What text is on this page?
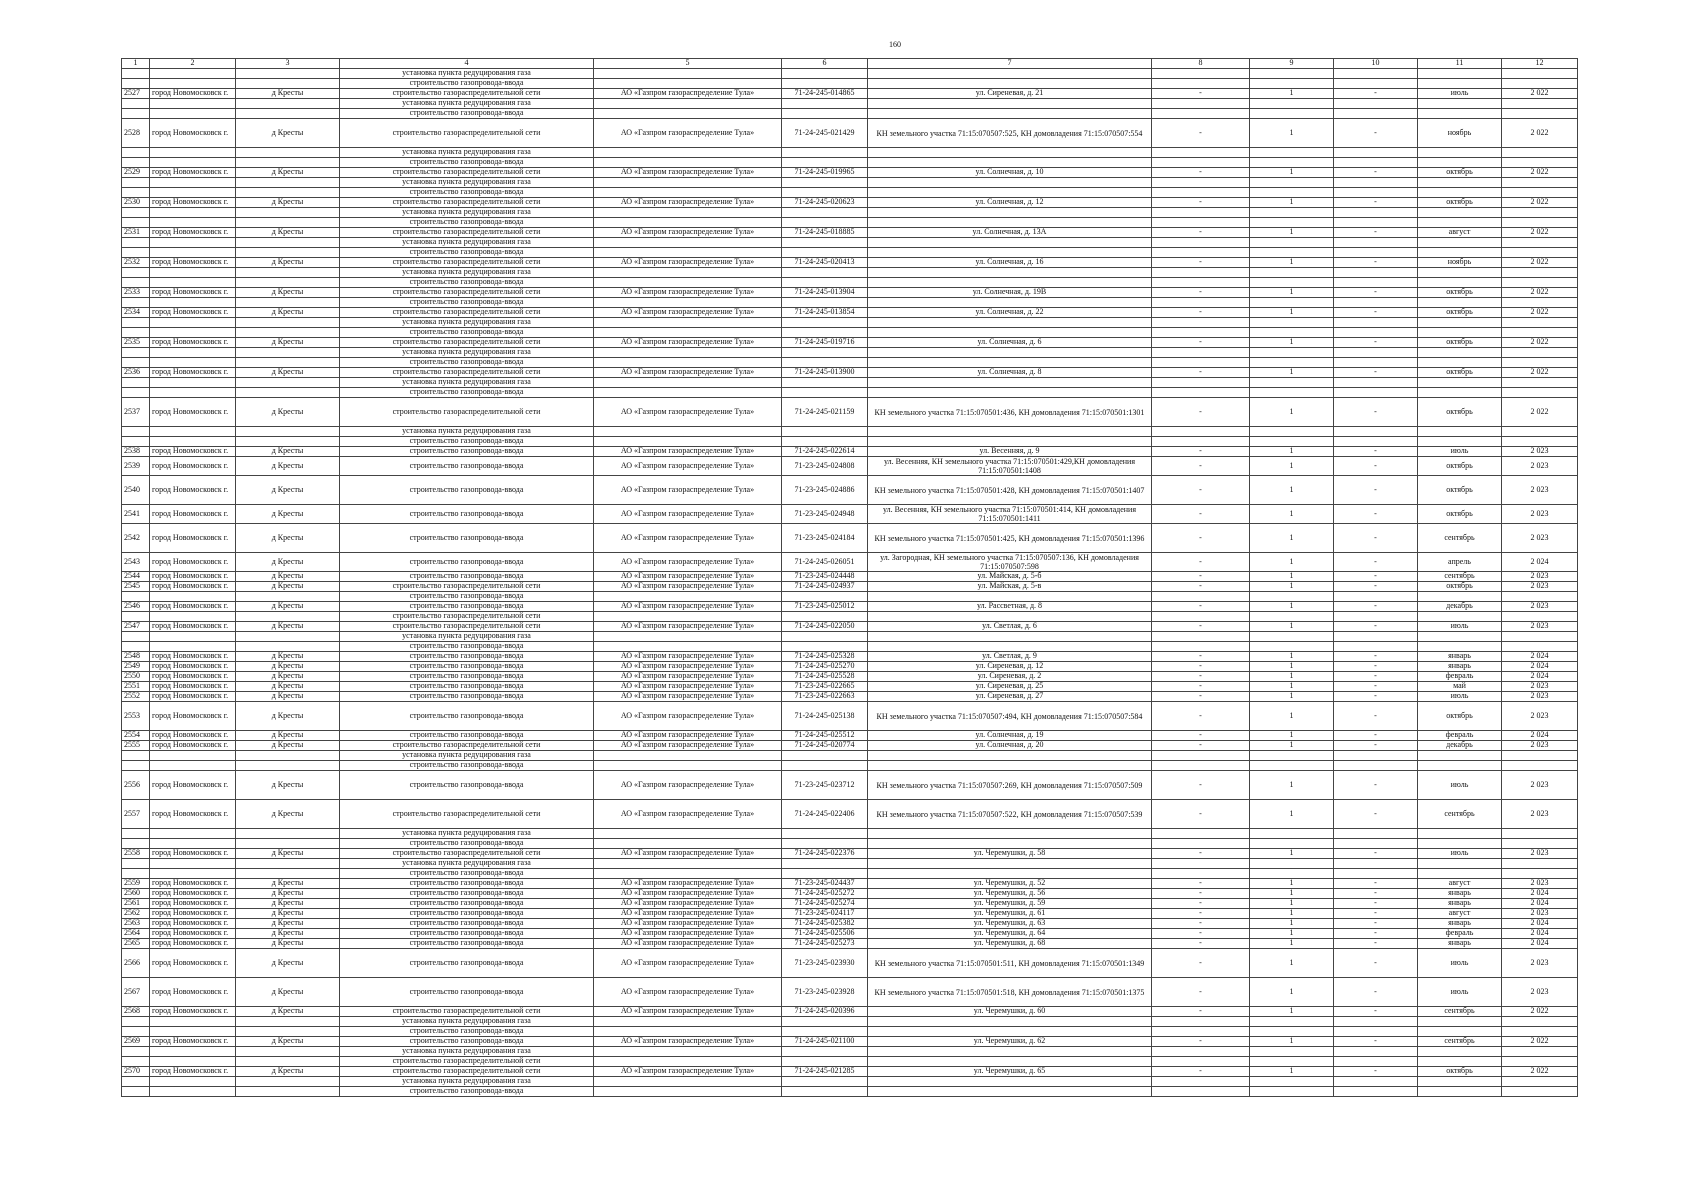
160
1	2	3	4	5	6	7	8	9	10	11	12
			установка пункта редуцирования газа								
			строительство газопровода-ввода								
2527	город Новомосковск г.	д Кресты	строительство газораспределительной сети	АО «Газпром газораспределение Тула»	71-24-245-014865	ул. Сиреневая, д. 21	-	1	-	июль	2 022
			установка пункта редуцирования газа								
			строительство газопровода-ввода								
2528	город Новомосковск г.	д Кресты	строительство газораспределительной сети	АО «Газпром газораспределение Тула»	71-24-245-021429	КН земельного участка 71:15:070507:525, КН домовладения 71:15:070507:554	-	1	-	ноябрь	2 022
			установка пункта редуцирования газа								
			строительство газопровода-ввода								
2529	город Новомосковск г.	д Кресты	строительство газораспределительной сети	АО «Газпром газораспределение Тула»	71-24-245-019965	ул. Солнечная, д. 10	-	1	-	октябрь	2 022
			установка пункта редуцирования газа								
			строительство газопровода-ввода								
2530	город Новомосковск г.	д Кресты	строительство газораспределительной сети	АО «Газпром газораспределение Тула»	71-24-245-020623	ул. Солнечная, д. 12	-	1	-	октябрь	2 022
			установка пункта редуцирования газа								
			строительство газопровода-ввода								
2531	город Новомосковск г.	д Кресты	строительство газораспределительной сети	АО «Газпром газораспределение Тула»	71-24-245-018885	ул. Солнечная, д. 13А	-	1	-	август	2 022
			установка пункта редуцирования газа								
			строительство газопровода-ввода								
2532	город Новомосковск г.	д Кресты	строительство газораспределительной сети	АО «Газпром газораспределение Тула»	71-24-245-020413	ул. Солнечная, д. 16	-	1	-	ноябрь	2 022
			установка пункта редуцирования газа								
			строительство газопровода-ввода								
2533	город Новомосковск г.	д Кресты	строительство газораспределительной сети	АО «Газпром газораспределение Тула»	71-24-245-013904	ул. Солнечная, д. 19В	-	1	-	октябрь	2 022
			строительство газопровода-ввода								
2534	город Новомосковск г.	д Кресты	строительство газораспределительной сети	АО «Газпром газораспределение Тула»	71-24-245-013854	ул. Солнечная, д. 22	-	1	-	октябрь	2 022
			установка пункта редуцирования газа								
			строительство газопровода-ввода								
2535	город Новомосковск г.	д Кресты	строительство газораспределительной сети	АО «Газпром газораспределение Тула»	71-24-245-019716	ул. Солнечная, д. 6	-	1	-	октябрь	2 022
			установка пункта редуцирования газа								
			строительство газопровода-ввода								
2536	город Новомосковск г.	д Кресты	строительство газораспределительной сети	АО «Газпром газораспределение Тула»	71-24-245-013900	ул. Солнечная, д. 8	-	1	-	октябрь	2 022
			установка пункта редуцирования газа								
			строительство газопровода-ввода								
2537	город Новомосковск г.	д Кресты	строительство газораспределительной сети	АО «Газпром газораспределение Тула»	71-24-245-021159	КН земельного участка 71:15:070501:436, КН домовладения 71:15:070501:1301	-	1	-	октябрь	2 022
			установка пункта редуцирования газа								
			строительство газопровода-ввода								
2538	город Новомосковск г.	д Кресты	строительство газопровода-ввода	АО «Газпром газораспределение Тула»	71-24-245-022614	ул. Весенняя, д. 9	-	1	-	июль	2 023
2539	город Новомосковск г.	д Кресты	строительство газопровода-ввода	АО «Газпром газораспределение Тула»	71-23-245-024808	ул. Весенняя, КН земельного участка 71:15:070501:429,КН домовладения 71:15:070501:1408	-	1	-	октябрь	2 023
2540	город Новомосковск г.	д Кресты	строительство газопровода-ввода	АО «Газпром газораспределение Тула»	71-23-245-024886	КН земельного участка 71:15:070501:428, КН домовладения 71:15:070501:1407	-	1	-	октябрь	2 023
2541	город Новомосковск г.	д Кресты	строительство газопровода-ввода	АО «Газпром газораспределение Тула»	71-23-245-024948	ул. Весенняя, КН земельного участка 71:15:070501:414, КН домовладения 71:15:070501:1411	-	1	-	октябрь	2 023
2542	город Новомосковск г.	д Кресты	строительство газопровода-ввода	АО «Газпром газораспределение Тула»	71-23-245-024184	КН земельного участка 71:15:070501:425, КН домовладения 71:15:070501:1396	-	1	-	сентябрь	2 023
2543	город Новомосковск г.	д Кресты	строительство газопровода-ввода	АО «Газпром газораспределение Тула»	71-24-245-026051	ул. Загородная, КН земельного участка 71:15:070507:136, КН домовладения 71:15:070507:598	-	1	-	апрель	2 024
2544	город Новомосковск г.	д Кресты	строительство газопровода-ввода	АО «Газпром газораспределение Тула»	71-23-245-024448	ул. Майская, д. 5-б	-	1	-	сентябрь	2 023
2545	город Новомосковск г.	д Кресты	строительство газораспределительной сети	АО «Газпром газораспределение Тула»	71-24-245-024937	ул. Майская, д. 5-в	-	1	-	октябрь	2 023
			строительство газопровода-ввода								
2546	город Новомосковск г.	д Кресты	строительство газопровода-ввода	АО «Газпром газораспределение Тула»	71-23-245-025012	ул. Рассветная, д. 8	-	1	-	декабрь	2 023
			строительство газораспределительной сети								
2547	город Новомосковск г.	д Кресты	строительство газораспределительной сети	АО «Газпром газораспределение Тула»	71-24-245-022050	ул. Светлая, д. 6	-	1	-	июль	2 023
			установка пункта редуцирования газа								
			строительство газопровода-ввода								
2548	город Новомосковск г.	д Кресты	строительство газопровода-ввода	АО «Газпром газораспределение Тула»	71-24-245-025328	ул. Светлая, д. 9	-	1	-	январь	2 024
2549	город Новомосковск г.	д Кресты	строительство газопровода-ввода	АО «Газпром газораспределение Тула»	71-24-245-025270	ул. Сиреневая, д. 12	-	1	-	январь	2 024
2550	город Новомосковск г.	д Кресты	строительство газопровода-ввода	АО «Газпром газораспределение Тула»	71-24-245-025528	ул. Сиреневая, д. 2	-	1	-	февраль	2 024
2551	город Новомосковск г.	д Кресты	строительство газопровода-ввода	АО «Газпром газораспределение Тула»	71-23-245-022665	ул. Сиреневая, д. 25	-	1	-	май	2 023
2552	город Новомосковск г.	д Кресты	строительство газопровода-ввода	АО «Газпром газораспределение Тула»	71-23-245-022663	ул. Сиреневая, д. 27	-	1	-	июль	2 023
2553	город Новомосковск г.	д Кресты	строительство газопровода-ввода	АО «Газпром газораспределение Тула»	71-24-245-025138	КН земельного участка 71:15:070507:494, КН домовладения 71:15:070507:584	-	1	-	октябрь	2 023
2554	город Новомосковск г.	д Кресты	строительство газопровода-ввода	АО «Газпром газораспределение Тула»	71-24-245-025512	ул. Солнечная, д. 19	-	1	-	февраль	2 024
2555	город Новомосковск г.	д Кресты	строительство газораспределительной сети	АО «Газпром газораспределение Тула»	71-24-245-020774	ул. Солнечная, д. 20	-	1	-	декабрь	2 023
			установка пункта редуцирования газа								
			строительство газопровода-ввода								
2556	город Новомосковск г.	д Кресты	строительство газопровода-ввода	АО «Газпром газораспределение Тула»	71-23-245-023712	КН земельного участка 71:15:070507:269, КН домовладения 71:15:070507:509	-	1	-	июль	2 023
2557	город Новомосковск г.	д Кресты	строительство газораспределительной сети	АО «Газпром газораспределение Тула»	71-24-245-022406	КН земельного участка 71:15:070507:522, КН домовладения 71:15:070507:539	-	1	-	сентябрь	2 023
			установка пункта редуцирования газа								
			строительство газопровода-ввода								
2558	город Новомосковск г.	д Кресты	строительство газораспределительной сети	АО «Газпром газораспределение Тула»	71-24-245-022376	ул. Черемушки, д. 58	-	1	-	июль	2 023
			установка пункта редуцирования газа								
			строительство газопровода-ввода								
2559	город Новомосковск г.	д Кресты	строительство газопровода-ввода	АО «Газпром газораспределение Тула»	71-23-245-024437	ул. Черемушки, д. 52	-	1	-	август	2 023
2560	город Новомосковск г.	д Кресты	строительство газопровода-ввода	АО «Газпром газораспределение Тула»	71-24-245-025272	ул. Черемушки, д. 56	-	1	-	январь	2 024
2561	город Новомосковск г.	д Кресты	строительство газопровода-ввода	АО «Газпром газораспределение Тула»	71-24-245-025274	ул. Черемушки, д. 59	-	1	-	январь	2 024
2562	город Новомосковск г.	д Кресты	строительство газопровода-ввода	АО «Газпром газораспределение Тула»	71-23-245-024117	ул. Черемушки, д. 61	-	1	-	август	2 023
2563	город Новомосковск г.	д Кресты	строительство газопровода-ввода	АО «Газпром газораспределение Тула»	71-24-245-025382	ул. Черемушки, д. 63	-	1	-	январь	2 024
2564	город Новомосковск г.	д Кресты	строительство газопровода-ввода	АО «Газпром газораспределение Тула»	71-24-245-025506	ул. Черемушки, д. 64	-	1	-	февраль	2 024
2565	город Новомосковск г.	д Кресты	строительство газопровода-ввода	АО «Газпром газораспределение Тула»	71-24-245-025273	ул. Черемушки, д. 68	-	1	-	январь	2 024
2566	город Новомосковск г.	д Кресты	строительство газопровода-ввода	АО «Газпром газораспределение Тула»	71-23-245-023930	КН земельного участка 71:15:070501:511, КН домовладения 71:15:070501:1349	-	1	-	июль	2 023
2567	город Новомосковск г.	д Кресты	строительство газопровода-ввода	АО «Газпром газораспределение Тула»	71-23-245-023928	КН земельного участка 71:15:070501:518, КН домовладения 71:15:070501:1375	-	1	-	июль	2 023
2568	город Новомосковск г.	д Кресты	строительство газораспределительной сети	АО «Газпром газораспределение Тула»	71-24-245-020396	ул. Черемушки, д. 60	-	1	-	сентябрь	2 022
			установка пункта редуцирования газа								
			строительство газопровода-ввода								
2569	город Новомосковск г.	д Кресты	строительство газопровода-ввода	АО «Газпром газораспределение Тула»	71-24-245-021100	ул. Черемушки, д. 62	-	1	-	сентябрь	2 022
			установка пункта редуцирования газа								
			строительство газораспределительной сети								
2570	город Новомосковск г.	д Кресты	строительство газораспределительной сети	АО «Газпром газораспределение Тула»	71-24-245-021285	ул. Черемушки, д. 65	-	1	-	октябрь	2 022
			установка пункта редуцирования газа								
			строительство газопровода-ввода								
